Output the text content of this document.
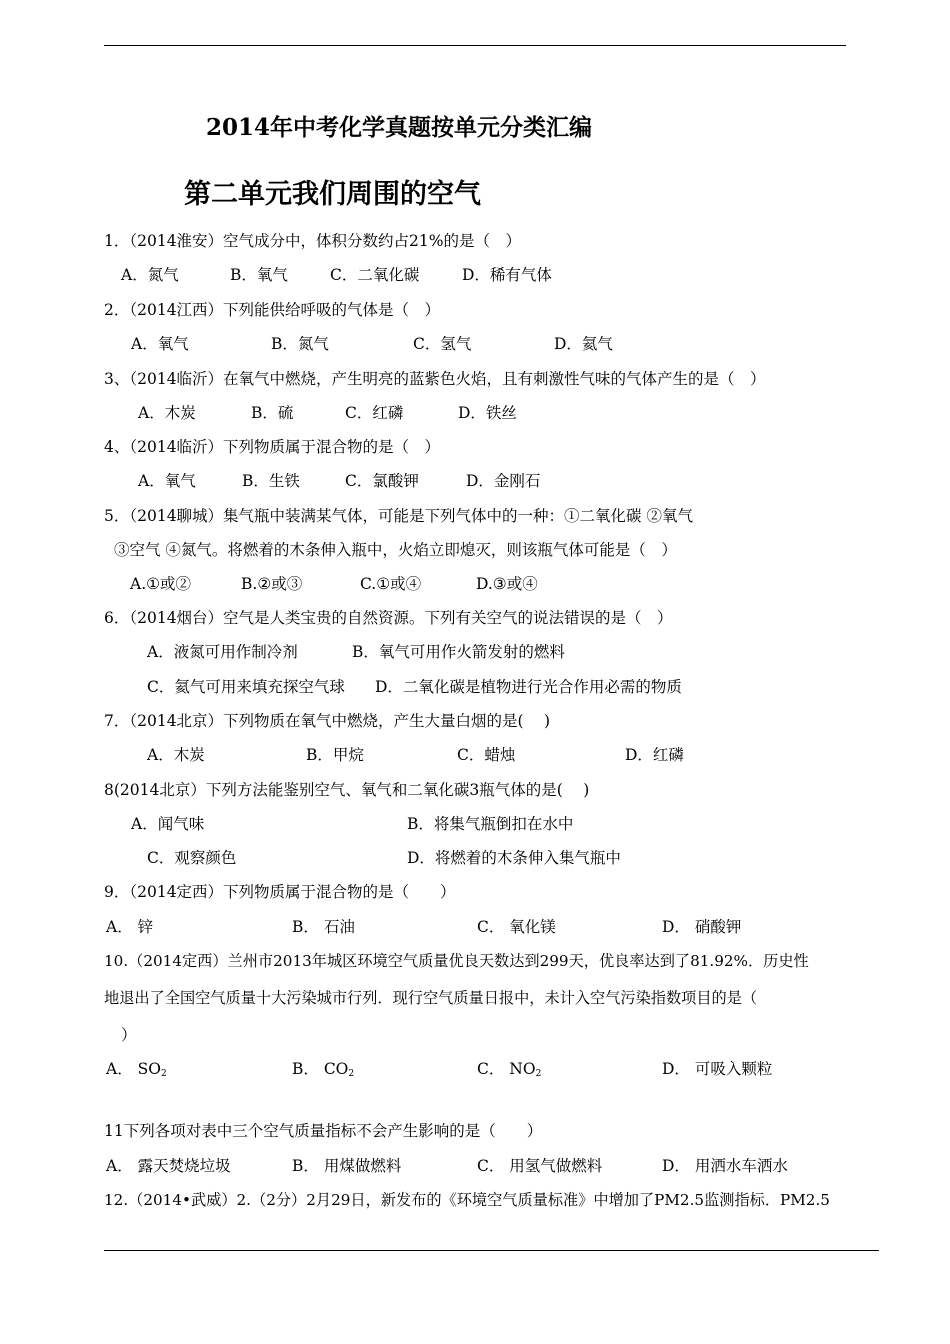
2014年中考化学真题按单元分类汇编
第二单元我们周围的空气
1．（2014淮安）空气成分中，体积分数约占21%的是（　）
A．氮气	B．氧气	C．二氧化碳	D．稀有气体
2．（2014江西）下列能供给呼吸的气体是（　）
A．氧气	B．氮气	C．氢气	D．氦气
3、（2014临沂）在氧气中燃烧，产生明亮的蓝紫色火焰，且有刺激性气味的气体产生的是（　）
A．木炭	B．硫	C．红磷	D．铁丝
4、（2014临沂）下列物质属于混合物的是（　）
A．氧气	B．生铁	C．氯酸钾	D．金刚石
5．（2014聊城）集气瓶中装满某气体，可能是下列气体中的一种：①二氧化碳 ②氧气
③空气 ④氮气。将燃着的木条伸入瓶中，火焰立即熄灭，则该瓶气体可能是（　）
A.①或②	B.②或③	C.①或④	D.③或④
6．（2014烟台）空气是人类宝贵的自然资源。下列有关空气的说法错误的是（　）
A．液氮可用作制冷剂	B．氧气可用作火箭发射的燃料
C．氦气可用来填充探空气球 D．二氧化碳是植物进行光合作用必需的物质
7．（2014北京）下列物质在氧气中燃烧，产生大量白烟的是(　 )
A．木炭	B．甲烷	C．蜡烛	D．红磷
8(2014北京）下列方法能鉴别空气、氧气和二氧化碳3瓶气体的是(　 )
A．闻气味	B．将集气瓶倒扣在水中
C．观察颜色	D．将燃着的木条伸入集气瓶中
9．（2014定西）下列物质属于混合物的是（　　）
A． 锌	B． 石油	C． 氧化镁	D． 硝酸钾
10.（2014定西）兰州市2013年城区环境空气质量优良天数达到299天，优良率达到了81.92%．历史性
地退出了全国空气质量十大污染城市行列．现行空气质量日报中，未计入空气污染指数项目的是（
）
A． $SO_2$	B． $CO_2$	C． $NO_2$	D． 可吸入颗粒
11下列各项对表中三个空气质量指标不会产生影响的是（　　）
A． 露天焚烧垃圾	B． 用煤做燃料	C． 用氢气做燃料	D． 用洒水车洒水
12.（2014•武威）2.（2分）2月29日，新发布的《环境空气质量标准》中增加了PM2.5监测指标．PM2.5
